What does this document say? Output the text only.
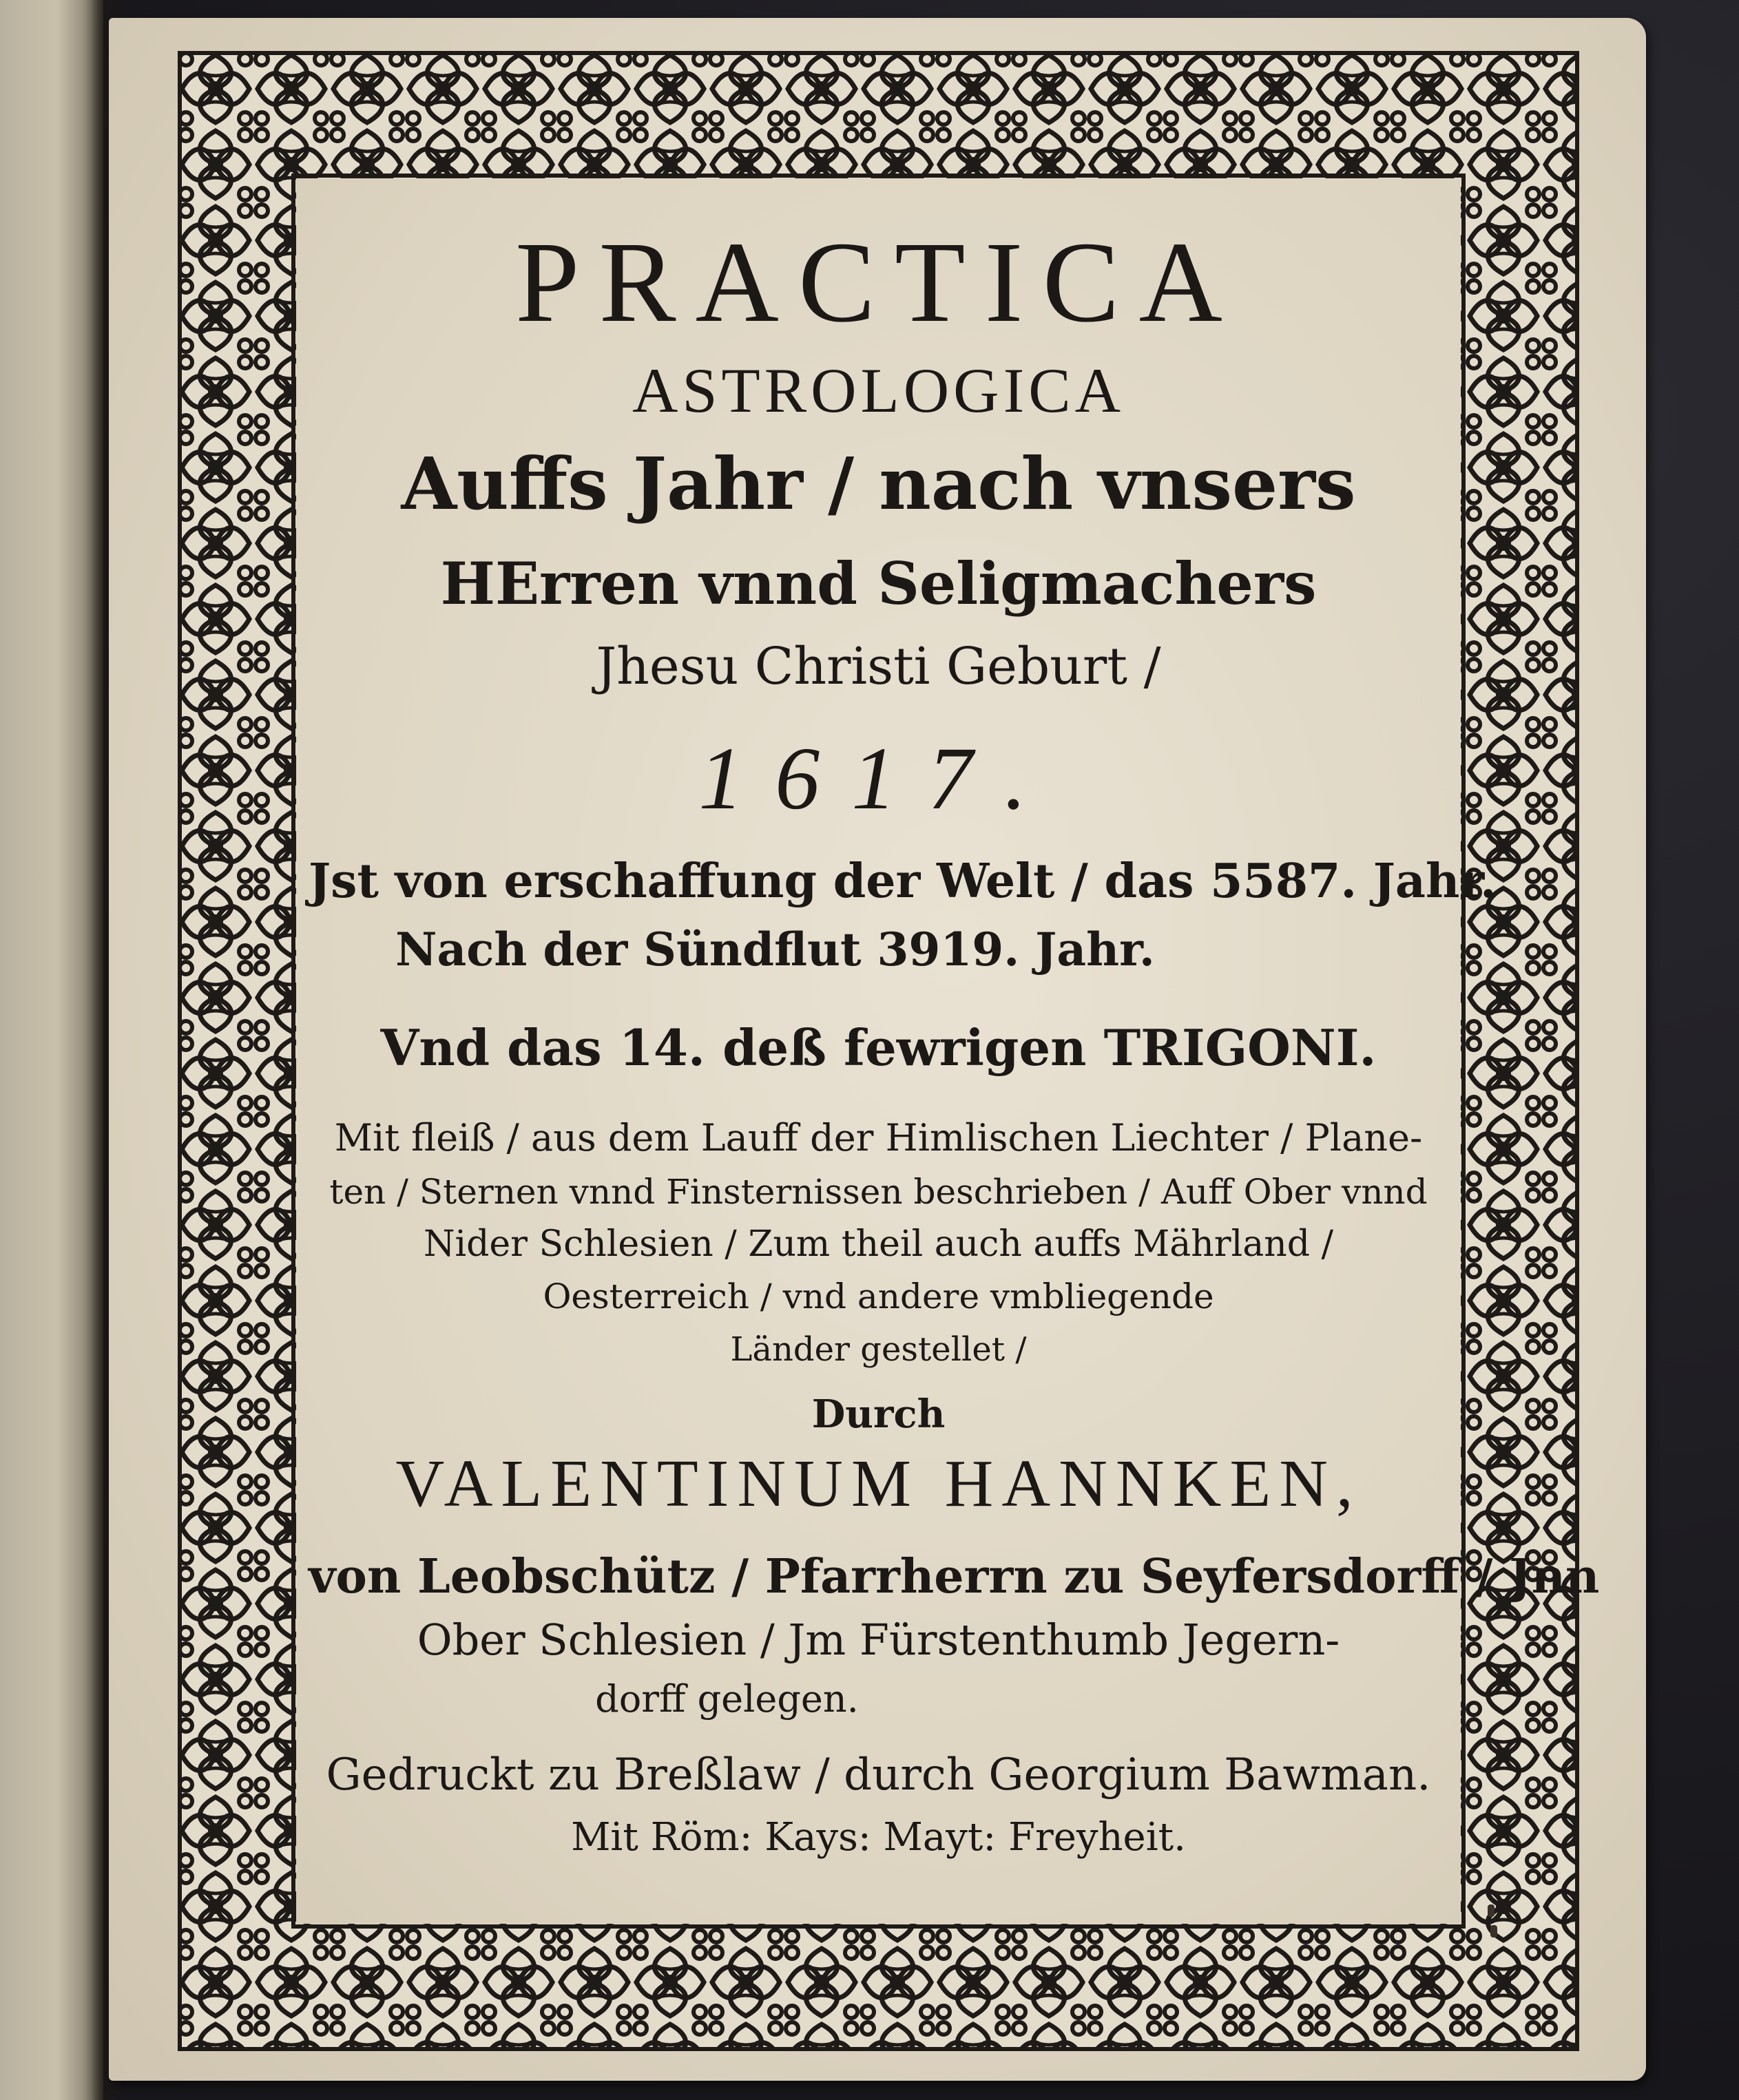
PRACTICA
ASTROLOGICA
Auffs Jahr / nach vnsers
HErren vnnd Seligmachers
Jhesu Christi Geburt /
1617.
Jst von erschaffung der Welt / das 5587. Jahr.
Nach der Sündflut 3919. Jahr.
Vnd das 14. deß fewrigen TRIGONI.
Mit fleiß / aus dem Lauff der Himlischen Liechter / Plane-
ten / Sternen vnnd Finsternissen beschrieben / Auff Ober vnnd
Nider Schlesien / Zum theil auch auffs Mährland /
Oesterreich / vnd andere vmbliegende
Länder gestellet /
Durch
VALENTINUM HANNKEN,
von Leobschütz / Pfarrherrn zu Seyfersdorff / Jnn
Ober Schlesien / Jm Fürstenthumb Jegern-
dorff gelegen.
Gedruckt zu Breßlaw / durch Georgium Bawman.
Mit Röm: Kays: Mayt: Freyheit.
